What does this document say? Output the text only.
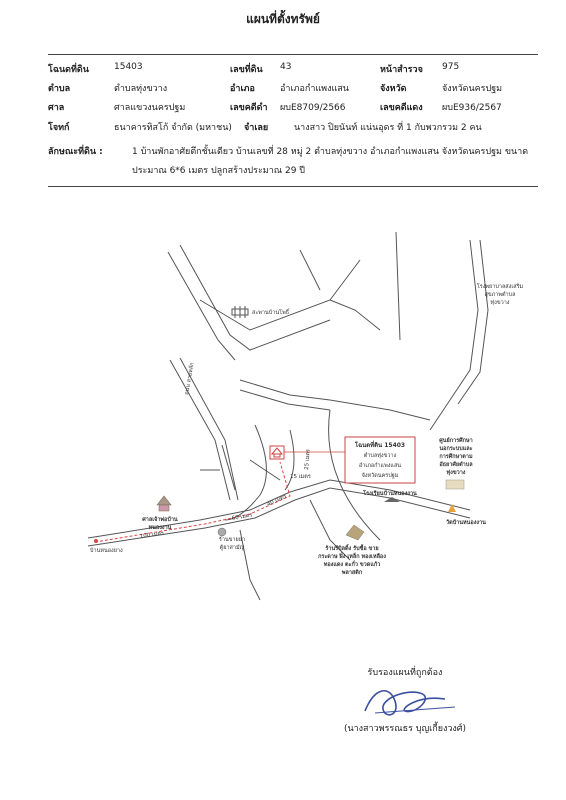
แผนที่ตั้งทรัพย์
โฉนดที่ดิน	15403	เลขที่ดิน 43	หน้าสำรวจ 975
ตำบล	ตำบลทุ่งขวาง	อำเภอ	อำเภอกำแพงแสน	จังหวัด	จังหวัดนครปฐม
ศาล	ศาลแขวงนครปฐม	เลขคดีดำ ผบE8709/2566	เลขคดีแดง ผบE936/2567
โจทก์	ธนาคารทิสโก้ จำกัด (มหาชน) จำเลย	นางสาว ปิยนันท์ แน่นอุดร ที่ 1 กับพวกรวม 2 คน
ลักษณะที่ดิน :	1 บ้านพักอาศัยตึกชั้นเดียว บ้านเลขที่ 28 หมู่ 2 ตำบลทุ่งขวาง อำเภอกำแพงแสน จังหวัดนครปฐม ขนาดประมาณ 6*6 เมตร ปลูกสร้างประมาณ 29 ปี
โฉนดที่ดิน 15403
ตำบลทุ่งขวาง
อำเภอกำแพงแสน
จังหวัดนครปฐม
สะพานบ้านโพธิ์
โรงพยาบาลส่งเสริม
สุขภาพตำบล
ทุ่งขวาง
ถนน สายหลัก
ศาลเจ้าพ่อบ้าน
หนองงาน
บ้านหนองยาง
100 เมตร
60 เมตร
25 เมตร
40 เมตร
15 เมตร
ร้านขายยา
ตู้ยาสามัญ
โรงเรียนบ้านหนองงาน
ศูนย์การศึกษา
นอกระบบและ
การศึกษาตาม
อัธยาศัยตำบล
ทุ่งขวาง
วัดบ้านหนองงาน
ร้านรีบิลดิ้ง รับซื้อ ขาย
กระดาษ ฝิ่ง เหล็ก ทองเหลือง
ทองแดง ตะกั่ว ขวดแก้ว
พลาสติก
รับรองแผนที่ถูกต้อง
(นางสาวพรรณธร บุญเกี้ยงวงศ์)
